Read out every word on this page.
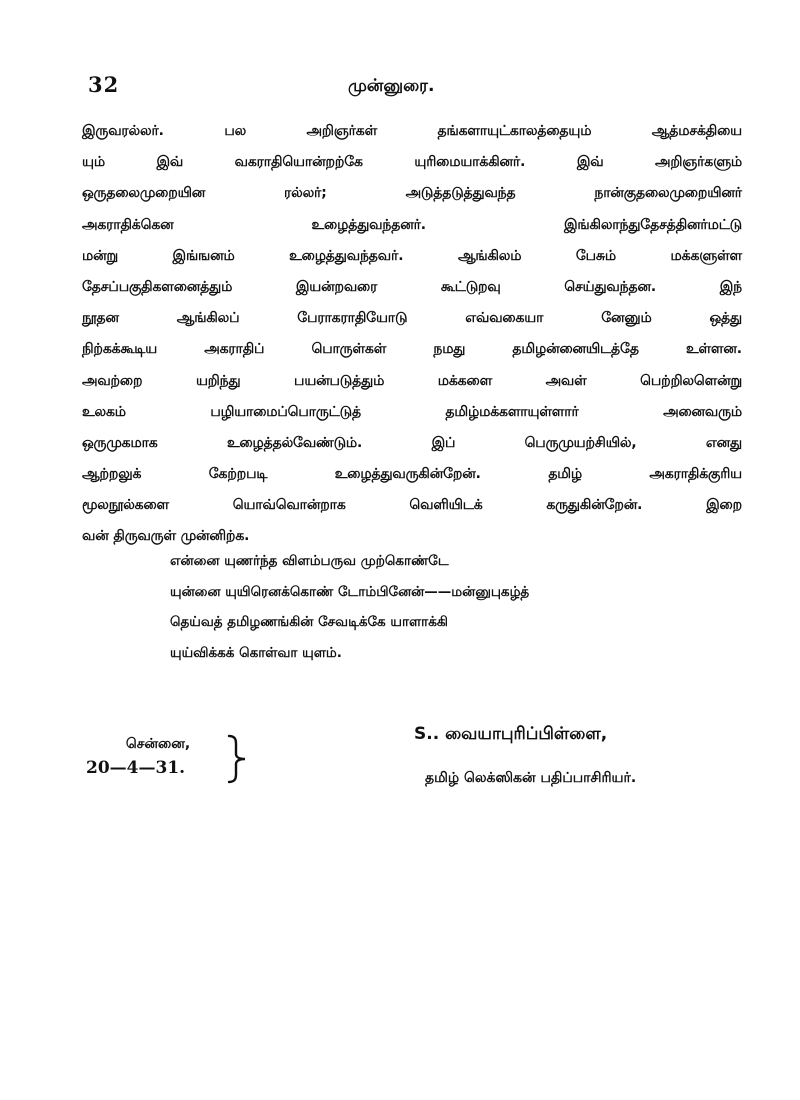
32	முன்னுரை.
இருவரல்லர். பல அறிஞர்கள் தங்களாயுட்காலத்தையும் ஆத்மசக்தியை
யும் இவ் வகராதியொன்றற்கே யுரிமையாக்கினர். இவ் அறிஞர்களும்
ஒருதலைமுறையின ரல்லர்; அடுத்தடுத்துவந்த நான்குதலைமுறையினர்
அகராதிக்கென உழைத்துவந்தனர். இங்கிலாந்துதேசத்தினர்மட்டு
மன்று இங்ஙனம் உழைத்துவந்தவர். ஆங்கிலம் பேசும் மக்களுள்ள
தேசப்பகுதிகளனைத்தும் இயன்றவரை கூட்டுறவு செய்துவந்தன. இந்
நூதன ஆங்கிலப் பேராகராதியோடு எவ்வகையா னேனும் ஒத்து
நிற்கக்கூடிய அகராதிப் பொருள்கள் நமது தமிழன்னையிடத்தே உள்ளன.
அவற்றை யறிந்து பயன்படுத்தும் மக்களை அவள் பெற்றிலளென்று
உலகம் பழியாமைப்பொருட்டுத் தமிழ்மக்களாயுள்ளார் அனைவரும்
ஒருமுகமாக உழைத்தல்வேண்டும். இப் பெருமுயற்சியில், எனது
ஆற்றலுக் கேற்றபடி உழைத்துவருகின்றேன். தமிழ் அகராதிக்குரிய
மூலநூல்களை யொவ்வொன்றாக வெளியிடக் கருதுகின்றேன். இறை
வன் திருவருள் முன்னிற்க.
என்னை யுணர்ந்த விளம்பருவ முற்கொண்டே
யுன்னை யுயிரெனக்கொண் டோம்பினேன்——மன்னுபுகழ்த்
தெய்வத் தமிழணங்கின் சேவடிக்கே யாளாக்கி
யுய்விக்கக் கொள்வா யுளம்.
சென்னை,
20—4—31.
S.. வையாபுரிப்பிள்ளை,
தமிழ் லெக்ஸிகன் பதிப்பாசிரியர்.
